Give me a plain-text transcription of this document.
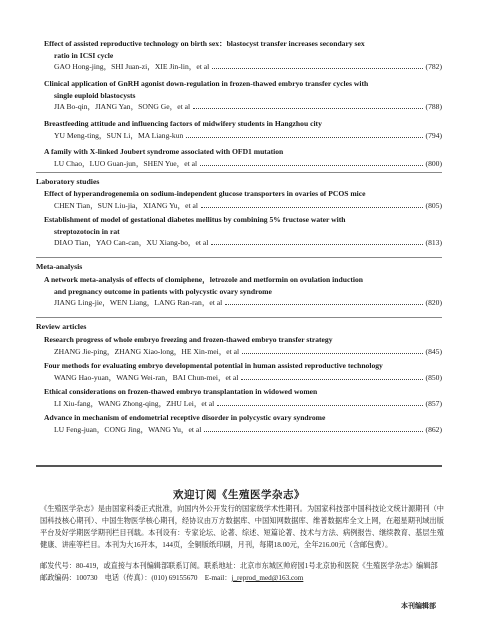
Effect of assisted reproductive technology on birth sex：blastocyst transfer increases secondary sex
ratio in ICSI cycle
GAO Hong-jing，SHI Juan-zi，XIE Jin-lin，et al	(782)
Clinical application of GnRH agonist down-regulation in frozen-thawed embryo transfer cycles with
single euploid blastocysts
JIA Bo-qin，JIANG Yan，SONG Ge，et al	(788)
Breastfeeding attitude and influencing factors of midwifery students in Hangzhou city
YU Meng-ting，SUN Li，MA Liang-kun	(794)
A family with X-linked Joubert syndrome associated with OFD1 mutation
LU Chao，LUO Guan-jun，SHEN Yue，et al	(800)
Laboratory studies
Effect of hyperandrogenemia on sodium-independent glucose transporters in ovaries of PCOS mice
CHEN Tian，SUN Liu-jia，XIANG Yu，et al	(805)
Establishment of model of gestational diabetes mellitus by combining 5% fructose water with
streptozotocin in rat
DIAO Tian，YAO Can-can，XU Xiang-bo，et al	(813)
Meta-analysis
A network meta-analysis of effects of clomiphene，letrozole and metformin on ovulation induction
and pregnancy outcome in patients with polycystic ovary syndrome
JIANG Ling-jie，WEN Liang，LANG Ran-ran，et al	(820)
Review articles
Research progress of whole embryo freezing and frozen-thawed embryo transfer strategy
ZHANG Jie-ping，ZHANG Xiao-long，HE Xin-mei，et al	(845)
Four methods for evaluating embryo developmental potential in human assisted reproductive technology
WANG Hao-yuan，WANG Wei-ran，BAI Chun-mei，et al	(850)
Ethical considerations on frozen-thawed embryo transplantation in widowed women
LI Xiu-fang，WANG Zhong-qing，ZHU Lei，et al	(857)
Advance in mechanism of endometrial receptive disorder in polycystic ovary syndrome
LU Feng-juan，CONG Jing，WANG Yu，et al	(862)
欢迎订阅《生殖医学杂志》
《生殖医学杂志》是由国家科委正式批准，向国内外公开发行的国家级学术性期刊。为国家科技部中国科技论文统计源期刊（中国科技核心期刊）、中国生物医学核心期刊，经协议由万方数据库、中国知网数据库、维普数据库全文上网，在超星期刊域出版平台及好学期医学期刊栏目刊载。本刊设有：专家论坛、论著、综述、短篇论著、技术与方法、病例报告、继续教育、基层生殖健康、讲座等栏目。本刊为大16开本，144页，全铜版纸印刷，月刊，每期18.00元，全年216.00元（含邮包费）。
邮发代号：80-419，或直接与本刊编辑部联系订阅。联系地址：北京市东城区帅府园1号北京协和医院《生殖医学杂志》编辑部　邮政编码：100730　电话（传真）：(010) 69155670　E-mail：j_reprod_med@163.com
本刊编辑部
